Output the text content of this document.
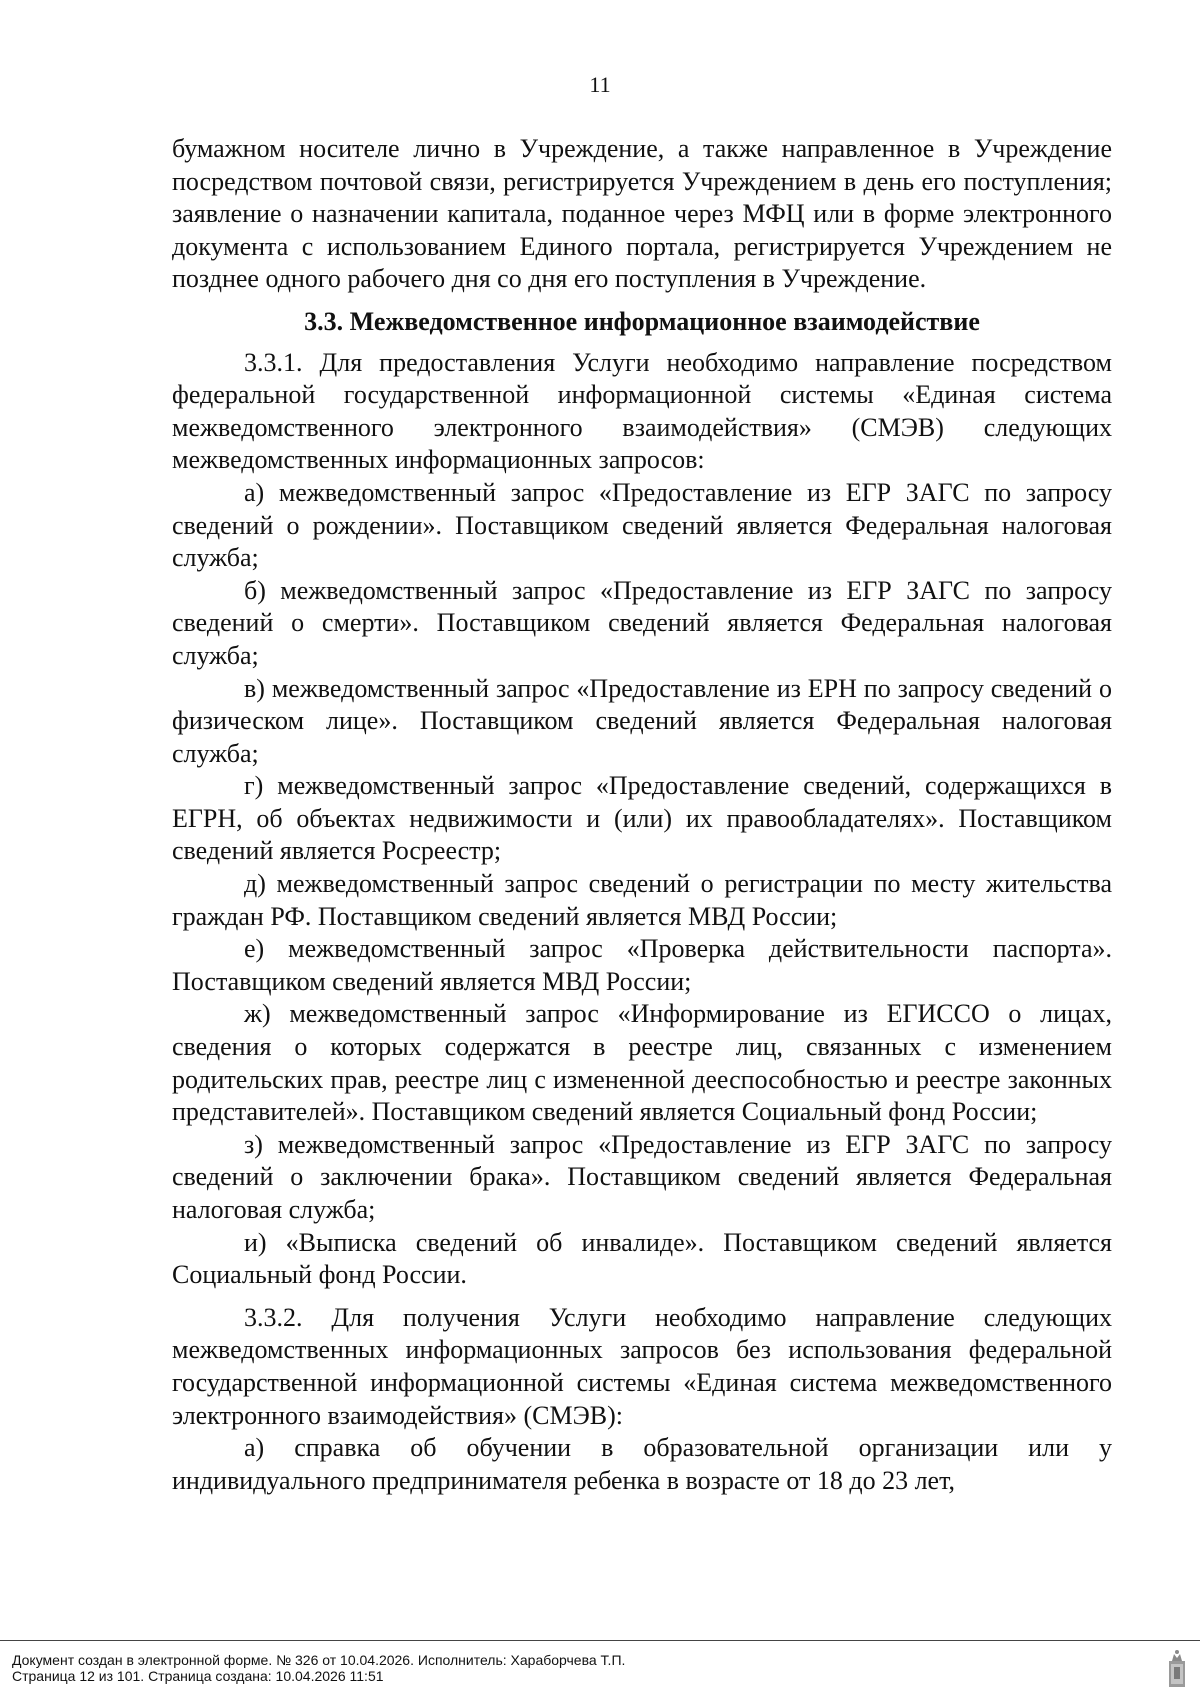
11

бумажном носителе лично в Учреждение, а также направленное в Учреждение посредством почтовой связи, регистрируется Учреждением в день его поступления; заявление о назначении капитала, поданное через МФЦ или в форме электронного документа с использованием Единого портала, регистрируется Учреждением не позднее одного рабочего дня со дня его поступления в Учреждение.

3.3. Межведомственное информационное взаимодействие

3.3.1. Для предоставления Услуги необходимо направление посредством федеральной государственной информационной системы «Единая система межведомственного электронного взаимодействия» (СМЭВ) следующих межведомственных информационных запросов:

а) межведомственный запрос «Предоставление из ЕГР ЗАГС по запросу сведений о рождении». Поставщиком сведений является Федеральная налоговая служба;

б) межведомственный запрос «Предоставление из ЕГР ЗАГС по запросу сведений о смерти». Поставщиком сведений является Федеральная налоговая служба;

в) межведомственный запрос «Предоставление из ЕРН по запросу сведений о физическом лице». Поставщиком сведений является Федеральная налоговая служба;

г) межведомственный запрос «Предоставление сведений, содержащихся в ЕГРН, об объектах недвижимости и (или) их правообладателях». Поставщиком сведений является Росреестр;

д) межведомственный запрос сведений о регистрации по месту жительства граждан РФ. Поставщиком сведений является МВД России;

е) межведомственный запрос «Проверка действительности паспорта». Поставщиком сведений является МВД России;

ж) межведомственный запрос «Информирование из ЕГИССО о лицах, сведения о которых содержатся в реестре лиц, связанных с изменением родительских прав, реестре лиц с измененной дееспособностью и реестре законных представителей». Поставщиком сведений является Социальный фонд России;

з) межведомственный запрос «Предоставление из ЕГР ЗАГС по запросу сведений о заключении брака». Поставщиком сведений является Федеральная налоговая служба;

и) «Выписка сведений об инвалиде». Поставщиком сведений является Социальный фонд России.

3.3.2. Для получения Услуги необходимо направление следующих межведомственных информационных запросов без использования федеральной государственной информационной системы «Единая система межведомственного электронного взаимодействия» (СМЭВ):

а) справка об обучении в образовательной организации или у индивидуального предпринимателя ребенка в возрасте от 18 до 23 лет,

Документ создан в электронной форме. № 326 от 10.04.2026. Исполнитель: Хараборчева Т.П.
Страница 12 из 101. Страница создана: 10.04.2026 11:51
